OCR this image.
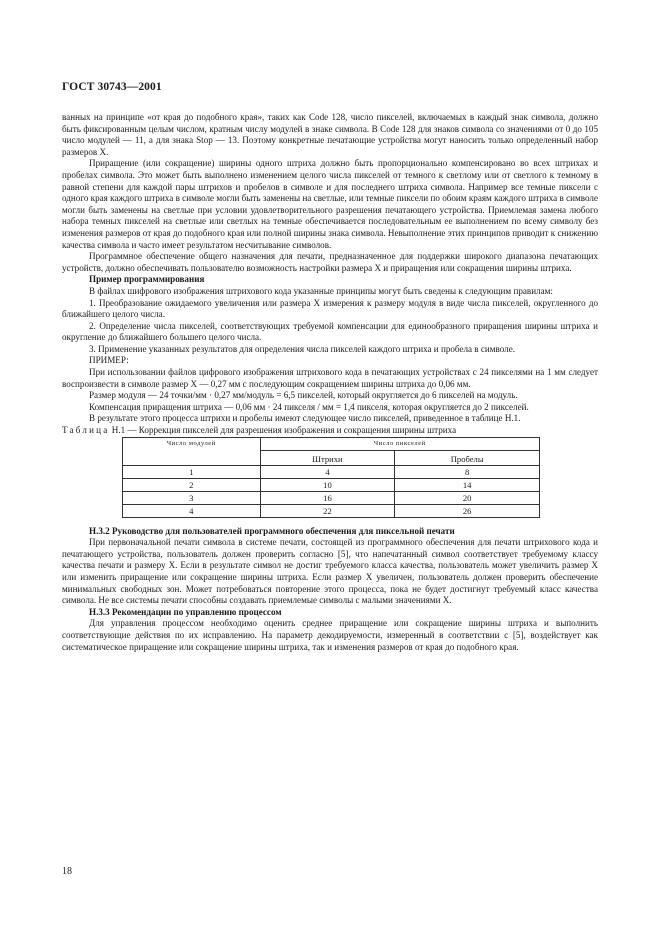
ГОСТ 30743—2001

ванных на принципе «от края до подобного края», таких как Code 128, число пикселей, включаемых в каждый знак символа, должно быть фиксированным целым числом, кратным числу модулей в знаке символа. В Code 128 для знаков символа со значениями от 0 до 105 число модулей — 11, а для знака Stop — 13. Поэтому конкретные печатающие устройства могут наносить только определенный набор размеров X.

Приращение (или сокращение) ширины одного штриха должно быть пропорционально компенсировано во всех штрихах и пробелах символа. Это может быть выполнено изменением целого числа пикселей от темного к светлому или от светлого к темному в равной степени для каждой пары штрихов и пробелов в символе и для последнего штриха символа. Например все темные пиксели с одного края каждого штриха в символе могли быть заменены на светлые, или темные пиксели по обоим краям каждого штриха в символе могли быть заменены на светлые при условии удовлетворительного разрешения печатающего устройства. Приемлемая замена любого набора темных пикселей на светлые или светлых на темные обеспечивается последовательным ее выполнением по всему символу без изменения размеров от края до подобного края или полной ширины знака символа. Невыполнение этих принципов приводит к снижению качества символа и часто имеет результатом несчитывание символов.

Программное обеспечение общего назначения для печати, предназначенное для поддержки широкого диапазона печатающих устройств, должно обеспечивать пользователю возможность настройки размера X и приращения или сокращения ширины штриха.

Пример программирования

В файлах шифрового изображения штрихового кода указанные принципы могут быть сведены к следующим правилам:

1. Преобразование ожидаемого увеличения или размера X измерения к размеру модуля в виде числа пикселей, округленного до ближайшего целого числа.

2. Определение числа пикселей, соответствующих требуемой компенсации для единообразного приращения ширины штриха и округление до ближайшего большего целого числа.

3. Применение указанных результатов для определения числа пикселей каждого штриха и пробела в символе.

ПРИМЕР:

При использовании файлов цифрового изображения штрихового кода в печатающих устройствах с 24 пикселями на 1 мм следует воспроизвести в символе размер X — 0,27 мм с последующим сокращением ширины штриха до 0,06 мм.

Размер модуля — 24 точки/мм · 0,27 мм/модуль = 6,5 пикселей, который округляется до 6 пикселей на модуль.

Компенсация приращения штриха — 0,06 мм · 24 пикселя / мм = 1,4 пикселя, которая округляется до 2 пикселей.

В результате этого процесса штрихи и пробелы имеют следующее число пикселей, приведенное в таблице Н.1.

Таблица Н.1 — Коррекция пикселей для разрешения изображения и сокращения ширины штриха

Число модулей	Число пикселей	
	Штрихи	Пробелы
1	4	8
2	10	14
3	16	20
4	22	26

Н.3.2 Руководство для пользователей программного обеспечения для пиксельной печати

При первоначальной печати символа в системе печати, состоящей из программного обеспечения для печати штрихового кода и печатающего устройства, пользователь должен проверить согласно [5], что напечатанный символ соответствует требуемому классу качества печати и размеру X. Если в результате символ не достиг требуемого класса качества, пользователь может увеличить размер X или изменить приращение или сокращение ширины штриха. Если размер X увеличен, пользователь должен проверить обеспечение минимальных свободных зон. Может потребоваться повторение этого процесса, пока не будет достигнут требуемый класс качества символа. Не все системы печати способны создавать приемлемые символы с малыми значениями X.

Н.3.3 Рекомендации по управлению процессом

Для управления процессом необходимо оценить среднее приращение или сокращение ширины штриха и выполнить соответствующие действия по их исправлению. На параметр декодируемости, измеренный в соответствии с [5], воздействует как систематическое приращение или сокращение ширины штриха, так и изменения размеров от края до подобного края.

18
